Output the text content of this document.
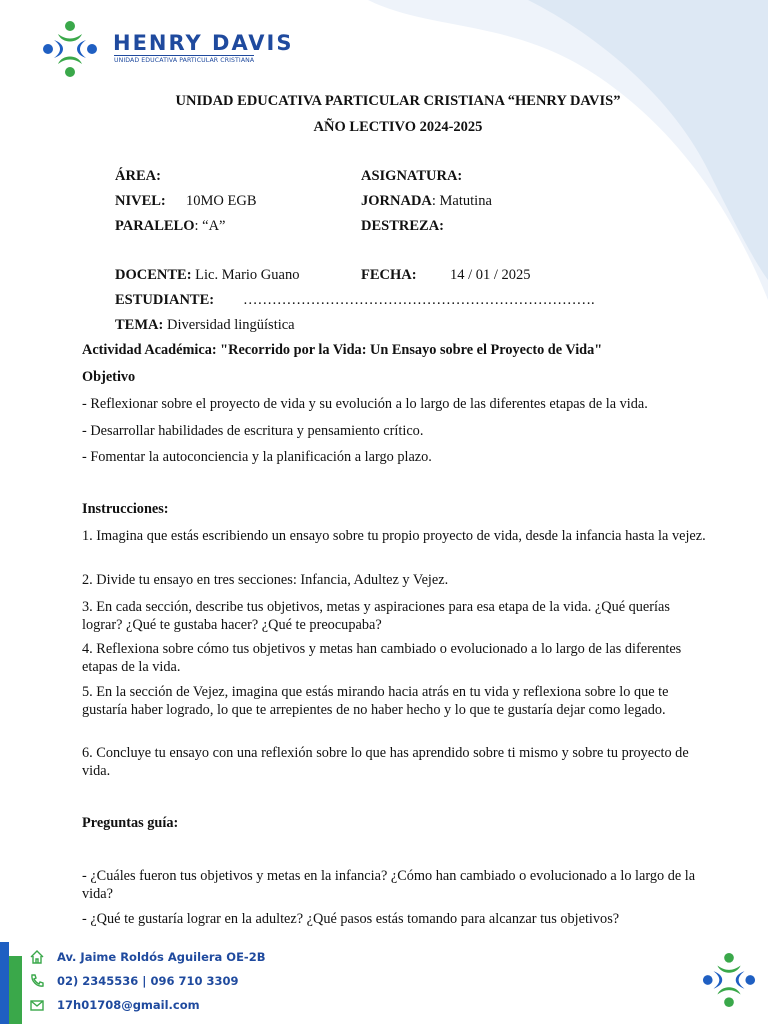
HENRY DAVIS
UNIDAD EDUCATIVA PARTICULAR CRISTIANA
UNIDAD EDUCATIVA PARTICULAR CRISTIANA “HENRY DAVIS”
AÑO LECTIVO 2024-2025
ÁREA:	ASIGNATURA:
NIVEL: 10MO EGB	JORNADA: Matutina
PARALELO: “A”	DESTREZA:
DOCENTE: Lic. Mario Guano	FECHA: 14 / 01 / 2025
ESTUDIANTE: ……………………………………………………………….
TEMA: Diversidad lingüística
Actividad Académica: "Recorrido por la Vida: Un Ensayo sobre el Proyecto de Vida"
Objetivo
- Reflexionar sobre el proyecto de vida y su evolución a lo largo de las diferentes etapas de la vida.
- Desarrollar habilidades de escritura y pensamiento crítico.
- Fomentar la autoconciencia y la planificación a largo plazo.
Instrucciones:
1. Imagina que estás escribiendo un ensayo sobre tu propio proyecto de vida, desde la infancia hasta la vejez.
2. Divide tu ensayo en tres secciones: Infancia, Adultez y Vejez.
3. En cada sección, describe tus objetivos, metas y aspiraciones para esa etapa de la vida. ¿Qué querías lograr? ¿Qué te gustaba hacer? ¿Qué te preocupaba?
4. Reflexiona sobre cómo tus objetivos y metas han cambiado o evolucionado a lo largo de las diferentes etapas de la vida.
5. En la sección de Vejez, imagina que estás mirando hacia atrás en tu vida y reflexiona sobre lo que te gustaría haber logrado, lo que te arrepientes de no haber hecho y lo que te gustaría dejar como legado.
6. Concluye tu ensayo con una reflexión sobre lo que has aprendido sobre ti mismo y sobre tu proyecto de vida.
Preguntas guía:
- ¿Cuáles fueron tus objetivos y metas en la infancia? ¿Cómo han cambiado o evolucionado a lo largo de la vida?
- ¿Qué te gustaría lograr en la adultez? ¿Qué pasos estás tomando para alcanzar tus objetivos?
Av. Jaime Roldós Aguilera OE-2B
02) 2345536 | 096 710 3309
17h01708@gmail.com
